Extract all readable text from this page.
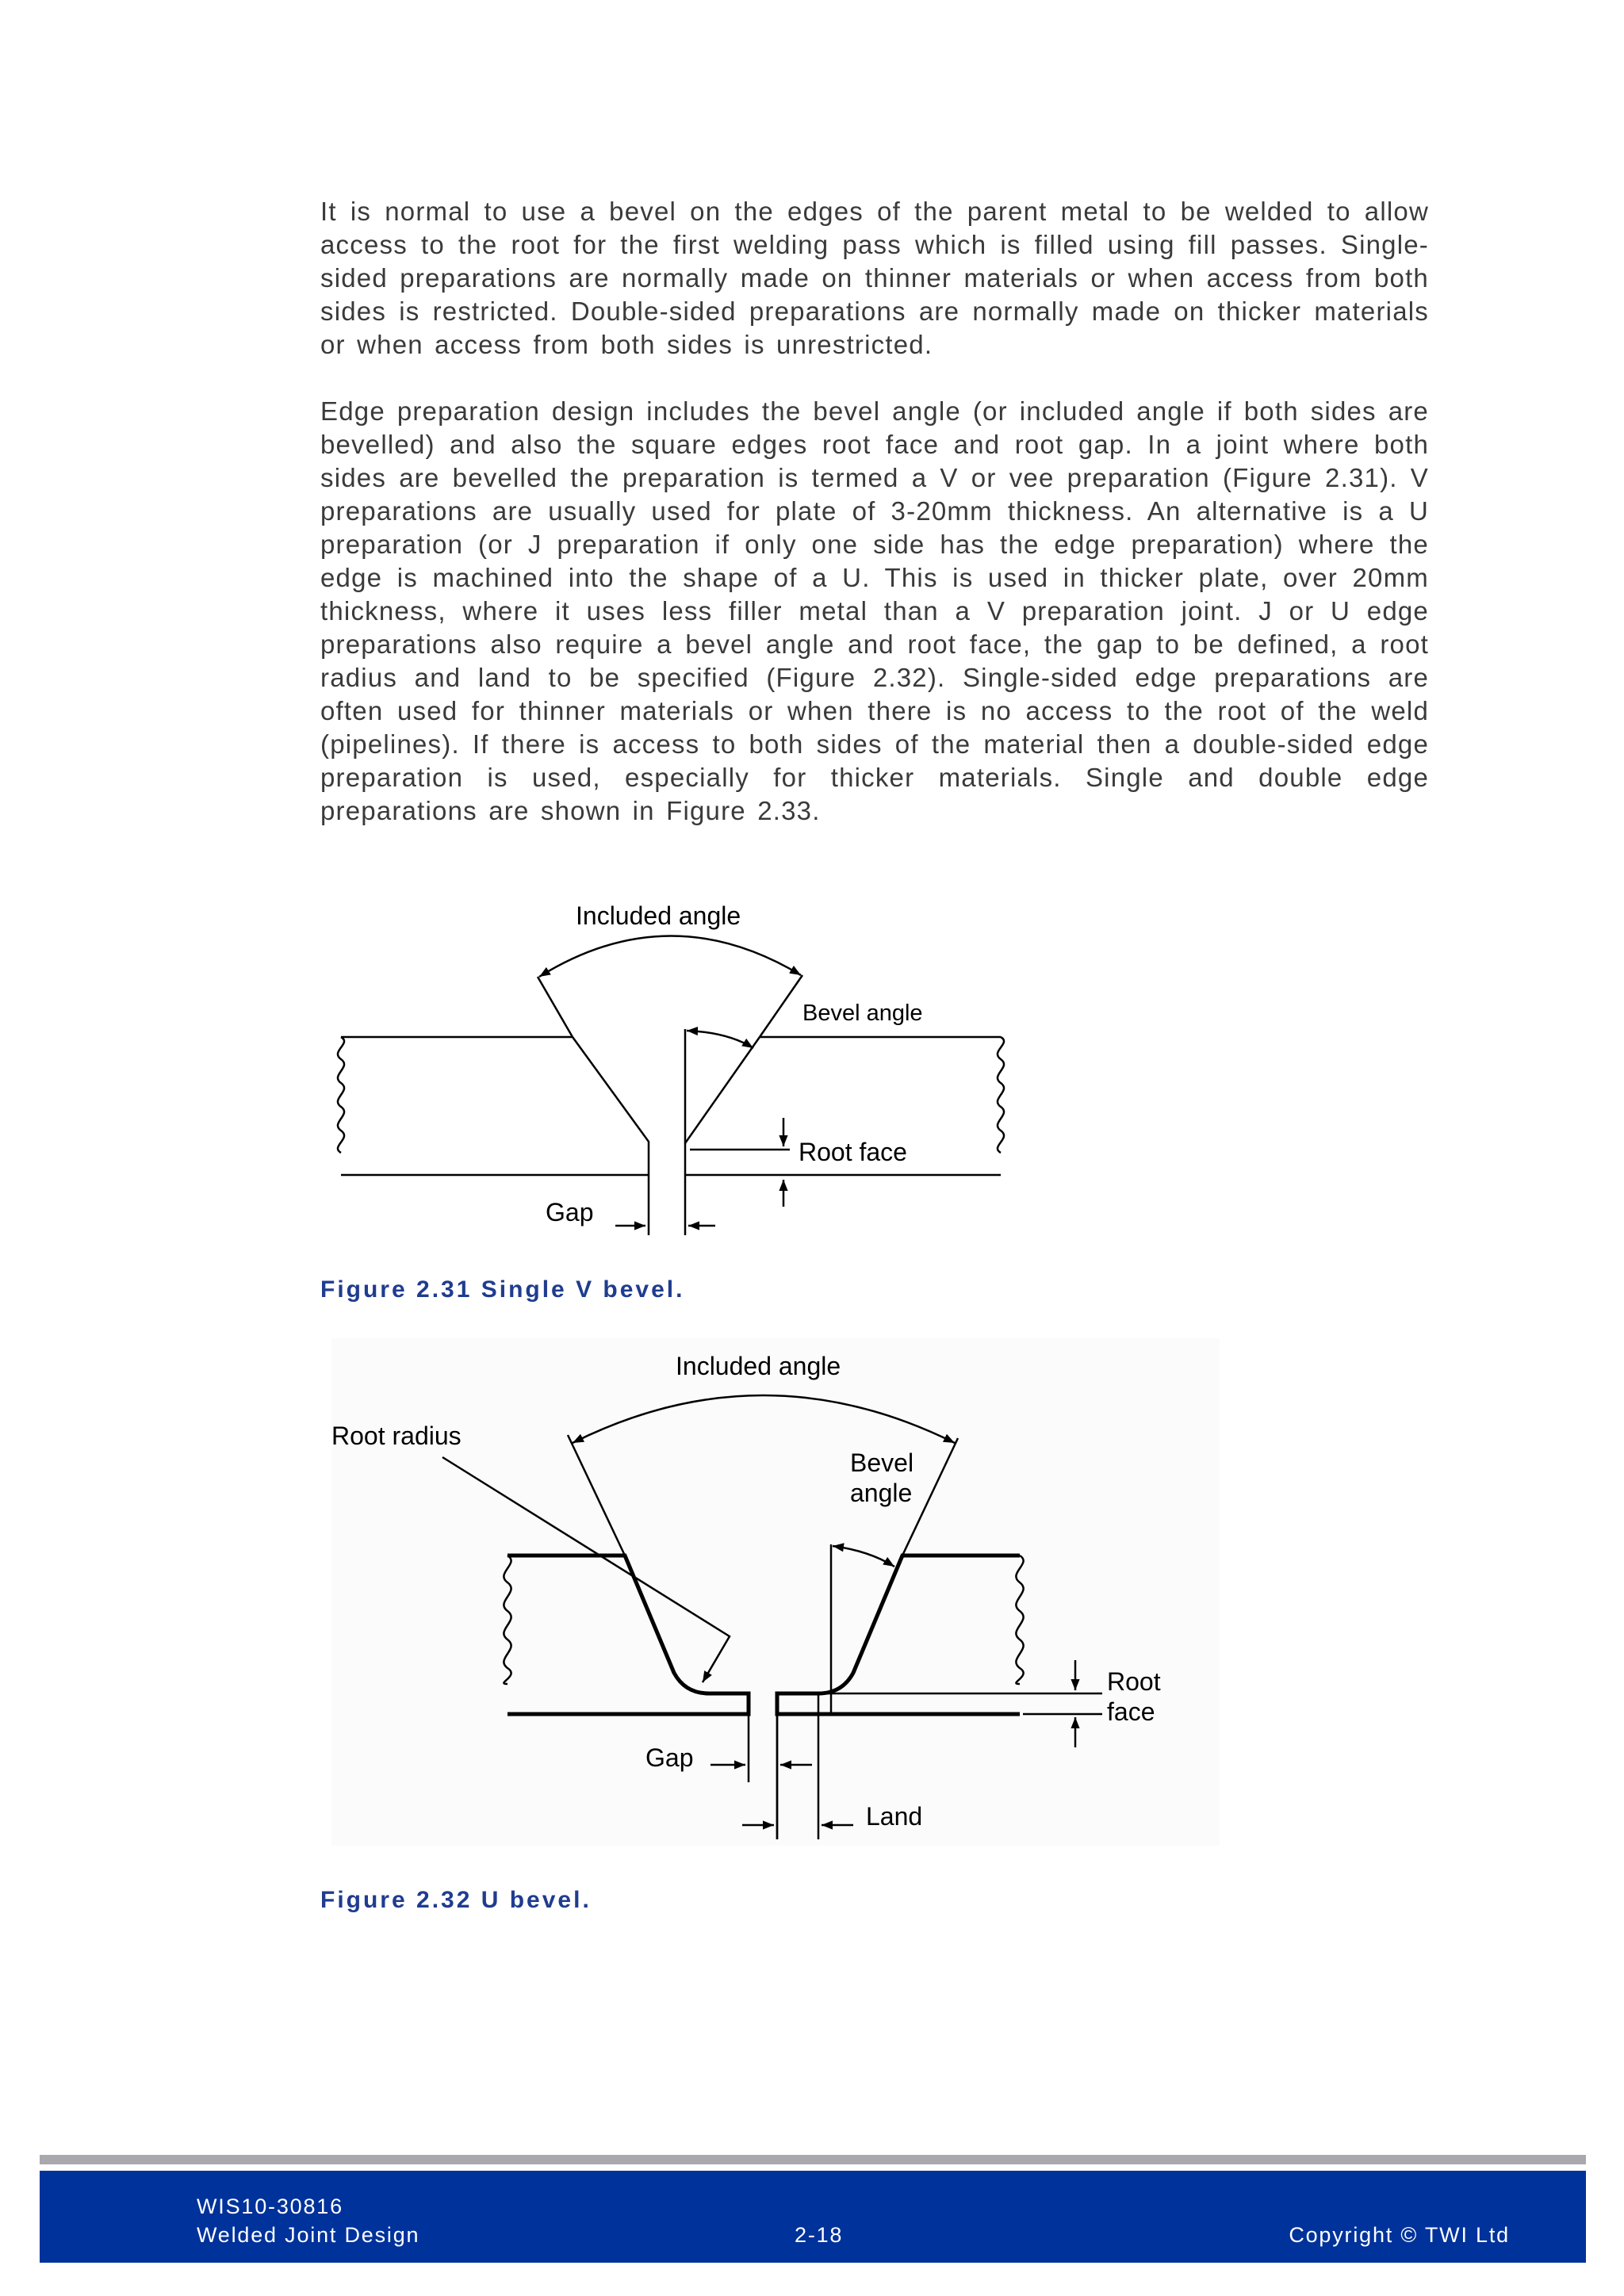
It is normal to use a bevel on the edges of the parent metal to be welded to allow access to the root for the first welding pass which is filled using fill passes. Single-sided preparations are normally made on thinner materials or when access from both sides is restricted. Double-sided preparations are normally made on thicker materials or when access from both sides is unrestricted.

Edge preparation design includes the bevel angle (or included angle if both sides are bevelled) and also the square edges root face and root gap. In a joint where both sides are bevelled the preparation is termed a V or vee preparation (Figure 2.31). V preparations are usually used for plate of 3-20mm thickness. An alternative is a U preparation (or J preparation if only one side has the edge preparation) where the edge is machined into the shape of a U. This is used in thicker plate, over 20mm thickness, where it uses less filler metal than a V preparation joint. J or U edge preparations also require a bevel angle and root face, the gap to be defined, a root radius and land to be specified (Figure 2.32). Single-sided edge preparations are often used for thinner materials or when there is no access to the root of the weld (pipelines). If there is access to both sides of the material then a double-sided edge preparation is used, especially for thicker materials. Single and double edge preparations are shown in Figure 2.33.

Included angle
Bevel angle
Root face
Gap

Figure 2.31 Single V bevel.

Included angle
Root radius
Bevel
angle
Root
face
Gap
Land

Figure 2.32 U bevel.

WIS10-30816
Welded Joint Design	2-18	Copyright © TWI Ltd
